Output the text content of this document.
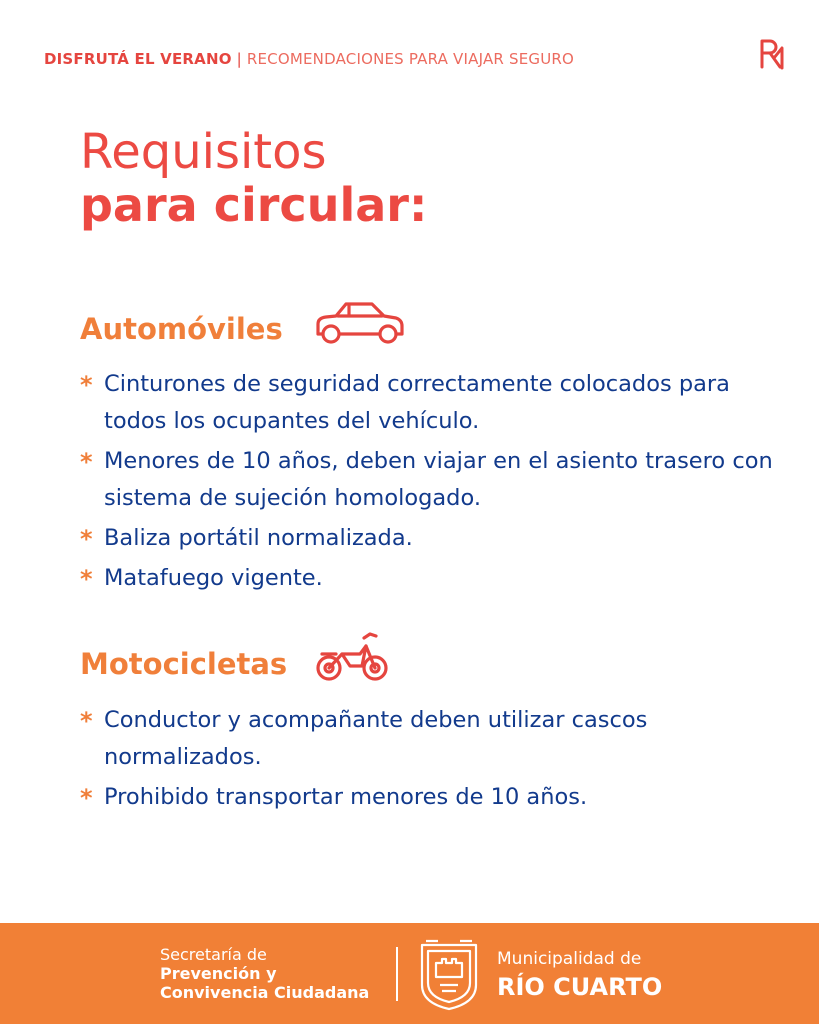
DISFRUTÁ EL VERANO | RECOMENDACIONES PARA VIAJAR SEGURO
Requisitos
para circular:
Automóviles
* Cinturones de seguridad correctamente colocados para todos los ocupantes del vehículo.
* Menores de 10 años, deben viajar en el asiento trasero con sistema de sujeción homologado.
* Baliza portátil normalizada.
* Matafuego vigente.
Motocicletas
* Conductor y acompañante deben utilizar cascos normalizados.
* Prohibido transportar menores de 10 años.
Secretaría de
Prevención y
Convivencia Ciudadana
Municipalidad de
RÍO CUARTO
